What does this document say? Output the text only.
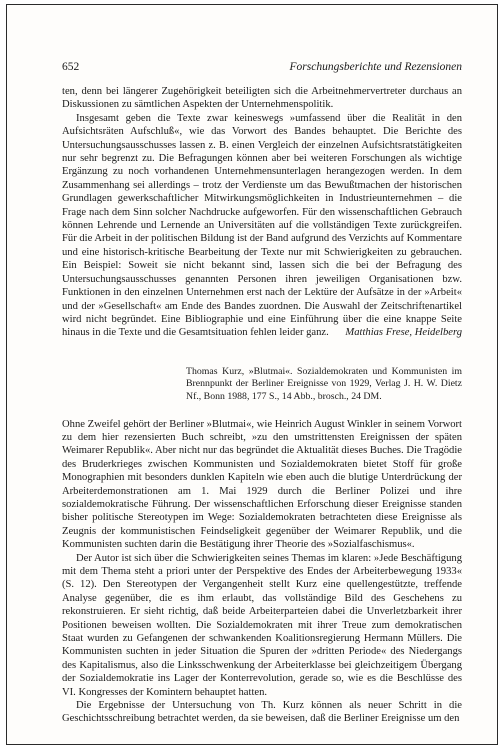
652	Forschungsberichte und Rezensionen

ten, denn bei längerer Zugehörigkeit beteiligten sich die Arbeitnehmervertreter durchaus an Diskussionen zu sämtlichen Aspekten der Unternehmenspolitik.

Insgesamt geben die Texte zwar keineswegs »umfassend über die Realität in den Aufsichtsräten Aufschluß«, wie das Vorwort des Bandes behauptet. Die Berichte des Untersuchungsausschusses lassen z. B. einen Vergleich der einzelnen Aufsichtsratstätigkeiten nur sehr begrenzt zu. Die Befragungen können aber bei weiteren Forschungen als wichtige Ergänzung zu noch vorhandenen Unternehmensunterlagen herangezogen werden. In dem Zusammenhang sei allerdings – trotz der Verdienste um das Bewußtmachen der historischen Grundlagen gewerkschaftlicher Mitwirkungsmöglichkeiten in Industrieunternehmen – die Frage nach dem Sinn solcher Nachdrucke aufgeworfen. Für den wissenschaftlichen Gebrauch können Lehrende und Lernende an Universitäten auf die vollständigen Texte zurückgreifen. Für die Arbeit in der politischen Bildung ist der Band aufgrund des Verzichts auf Kommentare und eine historisch-kritische Bearbeitung der Texte nur mit Schwierigkeiten zu gebrauchen. Ein Beispiel: Soweit sie nicht bekannt sind, lassen sich die bei der Befragung des Untersuchungsausschusses genannten Personen ihren jeweiligen Organisationen bzw. Funktionen in den einzelnen Unternehmen erst nach der Lektüre der Aufsätze in der »Arbeit« und der »Gesellschaft« am Ende des Bandes zuordnen. Die Auswahl der Zeitschriftenartikel wird nicht begründet. Eine Bibliographie und eine Einführung über die eine knappe Seite hinaus in die Texte und die Gesamtsituation fehlen leider ganz.	Matthias Frese, Heidelberg
Thomas Kurz, »Blutmai«. Sozialdemokraten und Kommunisten im Brennpunkt der Berliner Ereignisse von 1929, Verlag J. H. W. Dietz Nf., Bonn 1988, 177 S., 14 Abb., brosch., 24 DM.

Ohne Zweifel gehört der Berliner »Blutmai«, wie Heinrich August Winkler in seinem Vorwort zu dem hier rezensierten Buch schreibt, »zu den umstrittensten Ereignissen der späten Weimarer Republik«. Aber nicht nur das begründet die Aktualität dieses Buches. Die Tragödie des Bruderkrieges zwischen Kommunisten und Sozialdemokraten bietet Stoff für große Monographien mit besonders dunklen Kapiteln wie eben auch die blutige Unterdrückung der Arbeiterdemonstrationen am 1. Mai 1929 durch die Berliner Polizei und ihre sozialdemokratische Führung. Der wissenschaftlichen Erforschung dieser Ereignisse standen bisher politische Stereotypen im Wege: Sozialdemokraten betrachteten diese Ereignisse als Zeugnis der kommunistischen Feindseligkeit gegenüber der Weimarer Republik, und die Kommunisten suchten darin die Bestätigung ihrer Theorie des »Sozialfaschismus«.

Der Autor ist sich über die Schwierigkeiten seines Themas im klaren: »Jede Beschäftigung mit dem Thema steht a priori unter der Perspektive des Endes der Arbeiterbewegung 1933« (S. 12). Den Stereotypen der Vergangenheit stellt Kurz eine quellengestützte, treffende Analyse gegenüber, die es ihm erlaubt, das vollständige Bild des Geschehens zu rekonstruieren. Er sieht richtig, daß beide Arbeiterparteien dabei die Unverletzbarkeit ihrer Positionen beweisen wollten. Die Sozialdemokraten mit ihrer Treue zum demokratischen Staat wurden zu Gefangenen der schwankenden Koalitionsregierung Hermann Müllers. Die Kommunisten suchten in jeder Situation die Spuren der »dritten Periode« des Niedergangs des Kapitalismus, also die Linksschwenkung der Arbeiterklasse bei gleichzeitigem Übergang der Sozialdemokratie ins Lager der Konterrevolution, gerade so, wie es die Beschlüsse des VI. Kongresses der Komintern behauptet hatten.

Die Ergebnisse der Untersuchung von Th. Kurz können als neuer Schritt in die Geschichtsschreibung betrachtet werden, da sie beweisen, daß die Berliner Ereignisse um den
